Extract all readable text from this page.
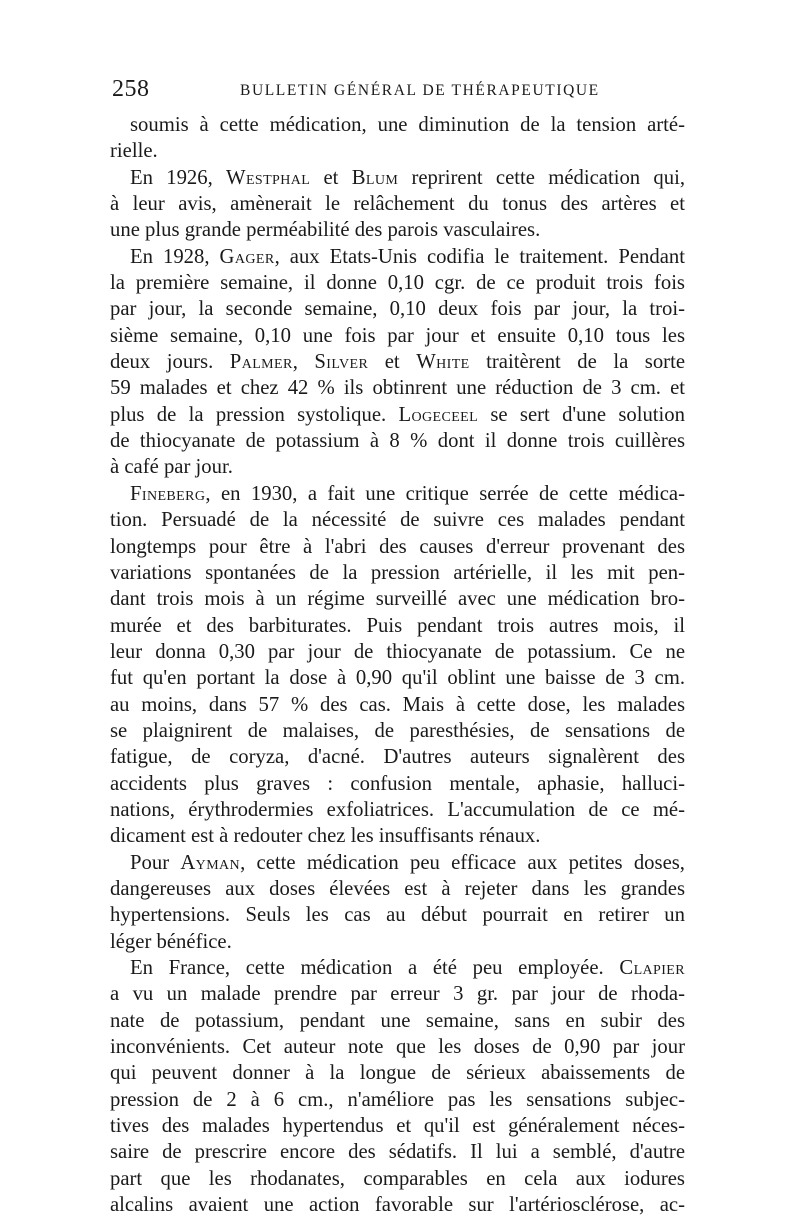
258	BULLETIN GÉNÉRAL DE THÉRAPEUTIQUE
soumis à cette médication, une diminution de la tension arté-
rielle.
En 1926, Westphal et Blum reprirent cette médication qui,
à leur avis, amènerait le relâchement du tonus des artères et
une plus grande perméabilité des parois vasculaires.
En 1928, Gager, aux Etats-Unis codifia le traitement. Pendant
la première semaine, il donne 0,10 cgr. de ce produit trois fois
par jour, la seconde semaine, 0,10 deux fois par jour, la troi-
sième semaine, 0,10 une fois par jour et ensuite 0,10 tous les
deux jours. Palmer, Silver et White traitèrent de la sorte
59 malades et chez 42 % ils obtinrent une réduction de 3 cm. et
plus de la pression systolique. Logeceel se sert d'une solution
de thiocyanate de potassium à 8 % dont il donne trois cuillères
à café par jour.
Fineberg, en 1930, a fait une critique serrée de cette médica-
tion. Persuadé de la nécessité de suivre ces malades pendant
longtemps pour être à l'abri des causes d'erreur provenant des
variations spontanées de la pression artérielle, il les mit pen-
dant trois mois à un régime surveillé avec une médication bro-
murée et des barbiturates. Puis pendant trois autres mois, il
leur donna 0,30 par jour de thiocyanate de potassium. Ce ne
fut qu'en portant la dose à 0,90 qu'il oblint une baisse de 3 cm.
au moins, dans 57 % des cas. Mais à cette dose, les malades
se plaignirent de malaises, de paresthésies, de sensations de
fatigue, de coryza, d'acné. D'autres auteurs signalèrent des
accidents plus graves : confusion mentale, aphasie, halluci-
nations, érythrodermies exfoliatrices. L'accumulation de ce mé-
dicament est à redouter chez les insuffisants rénaux.
Pour Ayman, cette médication peu efficace aux petites doses,
dangereuses aux doses élevées est à rejeter dans les grandes
hypertensions. Seuls les cas au début pourrait en retirer un
léger bénéfice.
En France, cette médication a été peu employée. Clapier
a vu un malade prendre par erreur 3 gr. par jour de rhoda-
nate de potassium, pendant une semaine, sans en subir des
inconvénients. Cet auteur note que les doses de 0,90 par jour
qui peuvent donner à la longue de sérieux abaissements de
pression de 2 à 6 cm., n'améliore pas les sensations subjec-
tives des malades hypertendus et qu'il est généralement néces-
saire de prescrire encore des sédatifs. Il lui a semblé, d'autre
part que les rhodanates, comparables en cela aux iodures
alcalins avaient une action favorable sur l'artériosclérose, ac-
